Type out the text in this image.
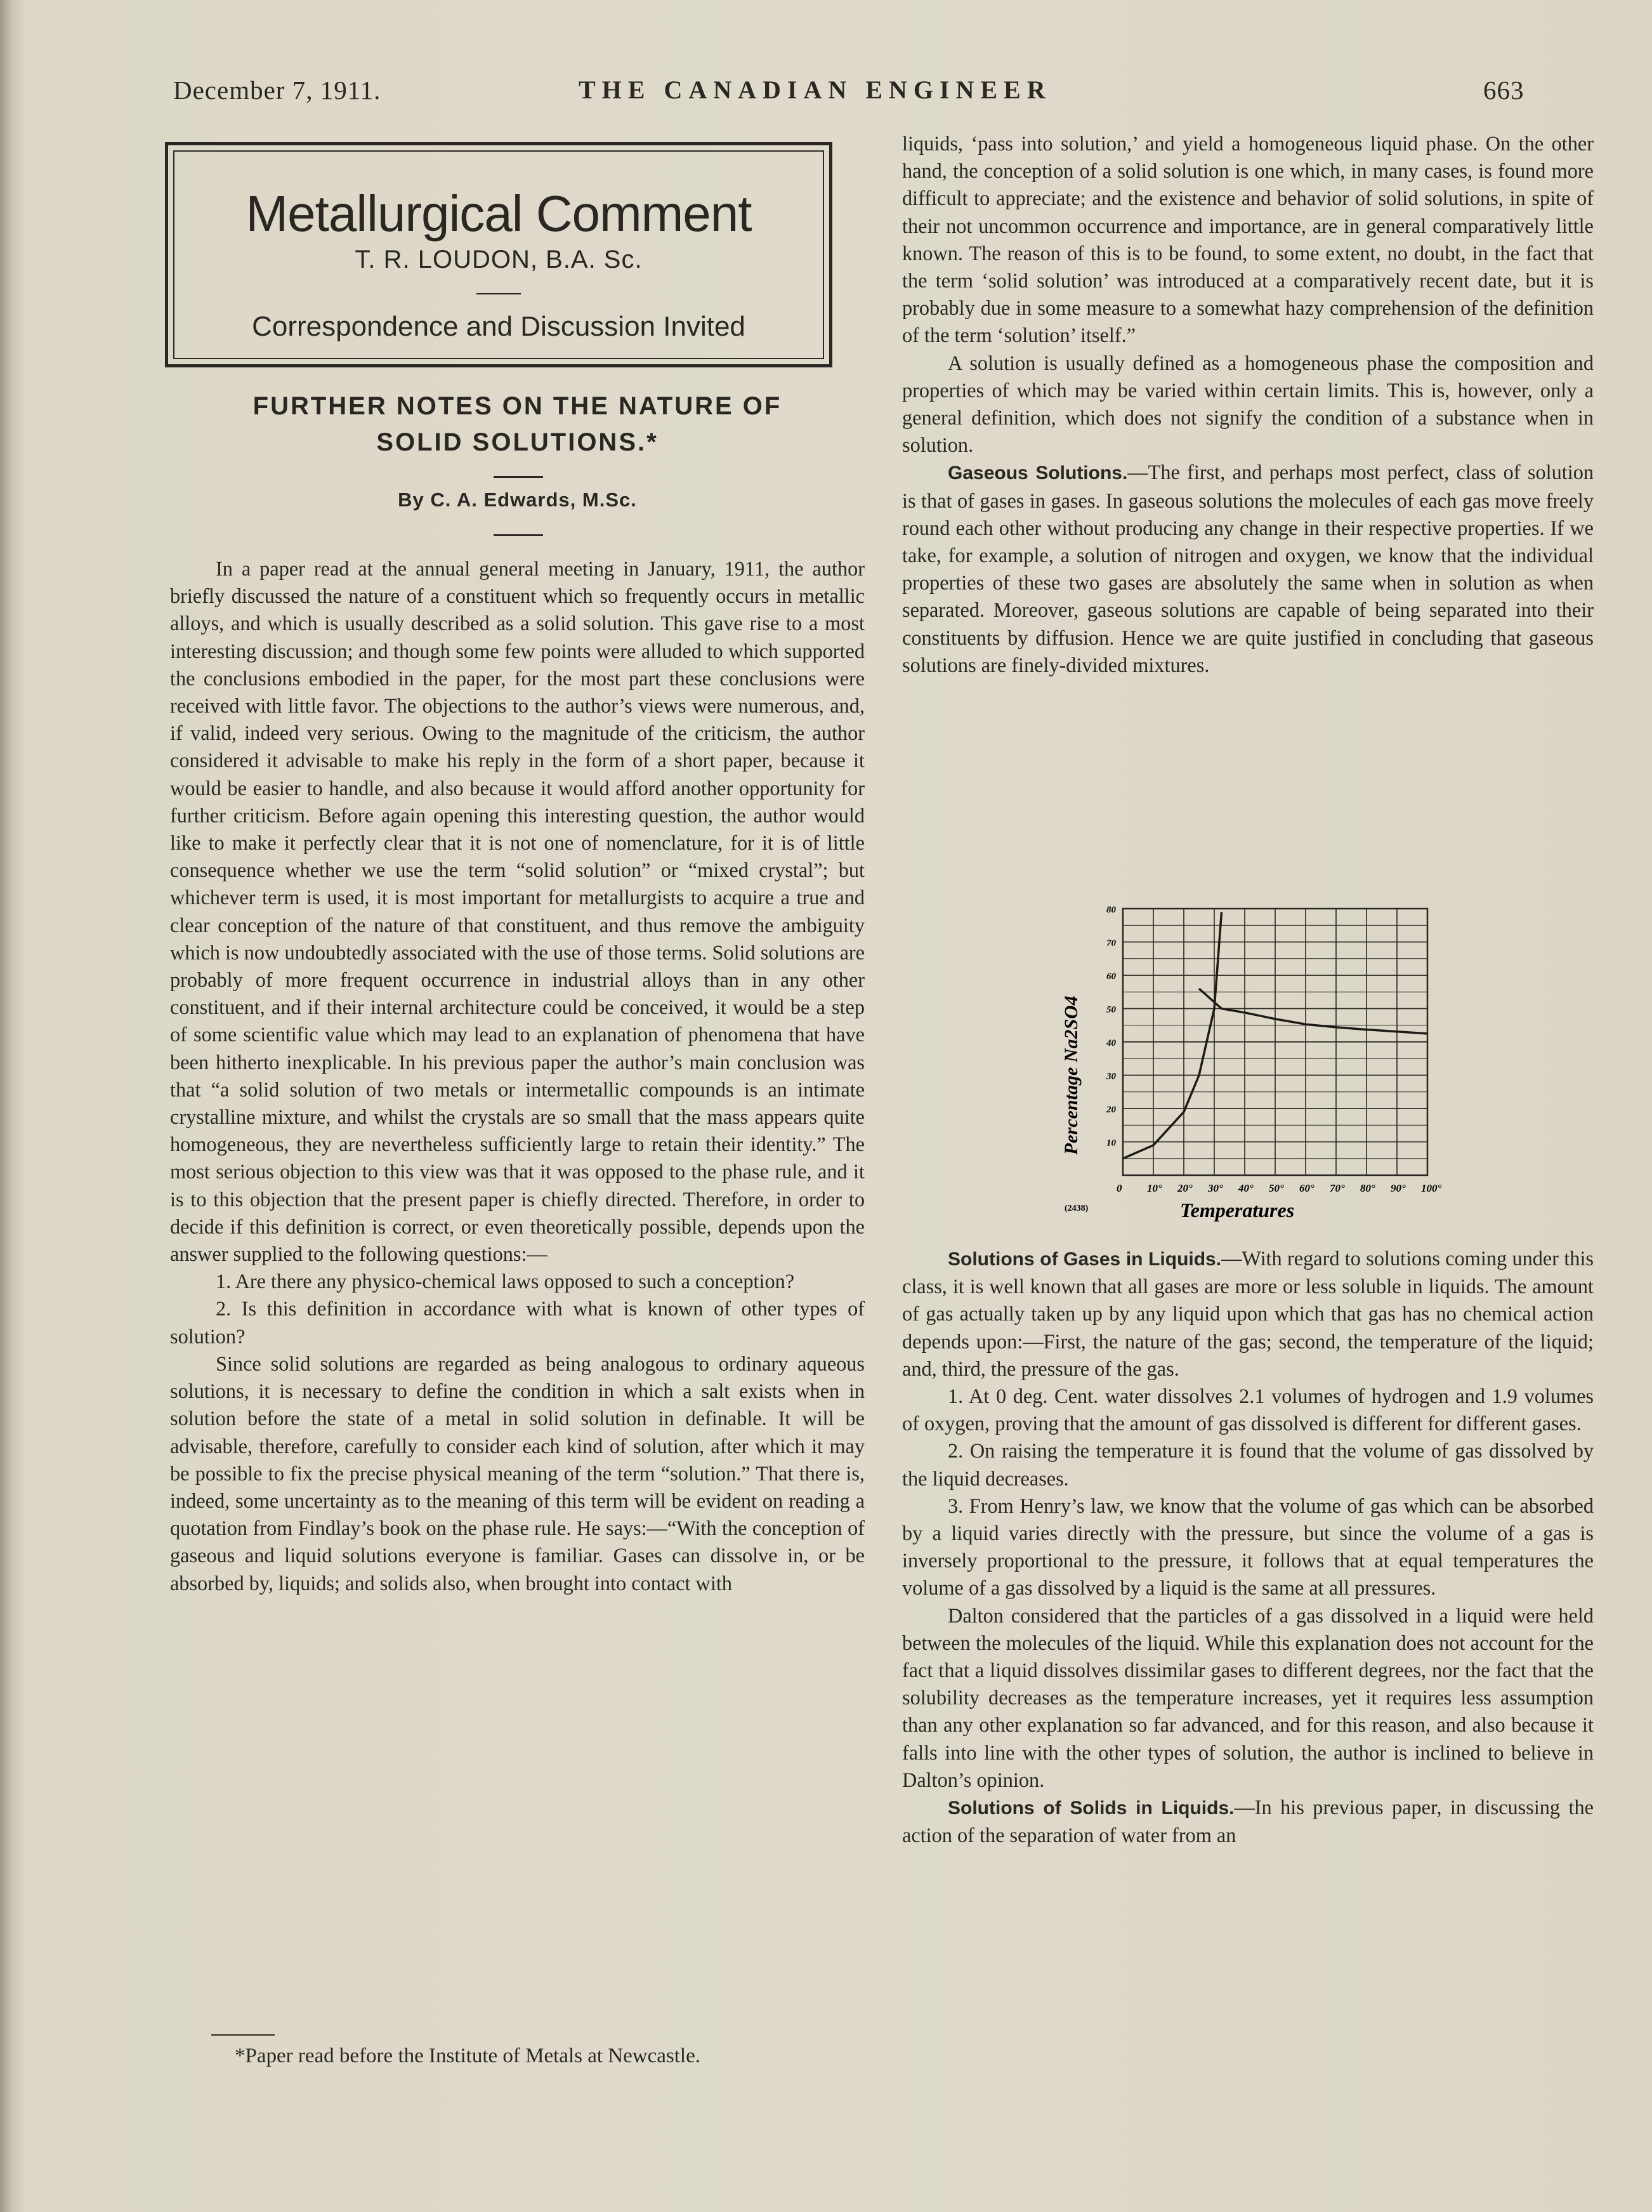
December 7, 1911.	THE CANADIAN ENGINEER	663
Metallurgical Comment
T. R. LOUDON, B.A. Sc.
Correspondence and Discussion Invited
FURTHER NOTES ON THE NATURE OF
SOLID SOLUTIONS.*
By C. A. Edwards, M.Sc.

In a paper read at the annual general meeting in January, 1911, the author briefly discussed the nature of a constituent which so frequently occurs in metallic alloys, and which is usually described as a solid solution. This gave rise to a most interesting discussion; and though some few points were alluded to which supported the conclusions embodied in the paper, for the most part these conclusions were received with little favor. The objections to the author’s views were numerous, and, if valid, indeed very serious. Owing to the magnitude of the criticism, the author considered it advisable to make his reply in the form of a short paper, because it would be easier to handle, and also because it would afford another opportunity for further criticism. Before again opening this interesting question, the author would like to make it perfectly clear that it is not one of nomenclature, for it is of little consequence whether we use the term “solid solution” or “mixed crystal”; but whichever term is used, it is most important for metallurgists to acquire a true and clear conception of the nature of that constituent, and thus remove the ambiguity which is now undoubtedly associated with the use of those terms. Solid solutions are probably of more frequent occurrence in industrial alloys than in any other constituent, and if their internal architecture could be conceived, it would be a step of some scientific value which may lead to an explanation of phenomena that have been hitherto inexplicable. In his previous paper the author’s main conclusion was that “a solid solution of two metals or intermetallic compounds is an intimate crystalline mixture, and whilst the crystals are so small that the mass appears quite homogeneous, they are nevertheless sufficiently large to retain their identity.” The most serious objection to this view was that it was opposed to the phase rule, and it is to this objection that the present paper is chiefly directed. Therefore, in order to decide if this definition is correct, or even theoretically possible, depends upon the answer supplied to the following questions:—

1. Are there any physico-chemical laws opposed to such a conception?

2. Is this definition in accordance with what is known of other types of solution?

Since solid solutions are regarded as being analogous to ordinary aqueous solutions, it is necessary to define the condition in which a salt exists when in solution before the state of a metal in solid solution in definable. It will be advisable, therefore, carefully to consider each kind of solution, after which it may be possible to fix the precise physical meaning of the term “solution.” That there is, indeed, some uncertainty as to the meaning of this term will be evident on reading a quotation from Findlay’s book on the phase rule. He says:—“With the conception of gaseous and liquid solutions everyone is familiar. Gases can dissolve in, or be absorbed by, liquids; and solids also, when brought into contact with

*Paper read before the Institute of Metals at Newcastle.

liquids, ‘pass into solution,’ and yield a homogeneous liquid phase. On the other hand, the conception of a solid solution is one which, in many cases, is found more difficult to appreciate; and the existence and behavior of solid solutions, in spite of their not uncommon occurrence and importance, are in general comparatively little known. The reason of this is to be found, to some extent, no doubt, in the fact that the term ‘solid solution’ was introduced at a comparatively recent date, but it is probably due in some measure to a somewhat hazy comprehension of the definition of the term ‘solution’ itself.”

A solution is usually defined as a homogeneous phase the composition and properties of which may be varied within certain limits. This is, however, only a general definition, which does not signify the condition of a substance when in solution.

Gaseous Solutions.—The first, and perhaps most perfect, class of solution is that of gases in gases. In gaseous solutions the molecules of each gas move freely round each other without producing any change in their respective properties. If we take, for example, a solution of nitrogen and oxygen, we know that the individual properties of these two gases are absolutely the same when in solution as when separated. Moreover, gaseous solutions are capable of being separated into their constituents by diffusion. Hence we are quite justified in concluding that gaseous solutions are finely-divided mixtures.

0 10° 20° 30° 40° 50° 60° 70° 80° 90° 100°
10
20
30
40
50
60
70
80
Percentage Na2SO4
Temperatures
(2438)

Solutions of Gases in Liquids.—With regard to solutions coming under this class, it is well known that all gases are more or less soluble in liquids. The amount of gas actually taken up by any liquid upon which that gas has no chemical action depends upon:—First, the nature of the gas; second, the temperature of the liquid; and, third, the pressure of the gas.

1. At 0 deg. Cent. water dissolves 2.1 volumes of hydrogen and 1.9 volumes of oxygen, proving that the amount of gas dissolved is different for different gases.

2. On raising the temperature it is found that the volume of gas dissolved by the liquid decreases.

3. From Henry’s law, we know that the volume of gas which can be absorbed by a liquid varies directly with the pressure, but since the volume of a gas is inversely proportional to the pressure, it follows that at equal temperatures the volume of a gas dissolved by a liquid is the same at all pressures.

Dalton considered that the particles of a gas dissolved in a liquid were held between the molecules of the liquid. While this explanation does not account for the fact that a liquid dissolves dissimilar gases to different degrees, nor the fact that the solubility decreases as the temperature increases, yet it requires less assumption than any other explanation so far advanced, and for this reason, and also because it falls into line with the other types of solution, the author is inclined to believe in Dalton’s opinion.

Solutions of Solids in Liquids.—In his previous paper, in discussing the action of the separation of water from an
